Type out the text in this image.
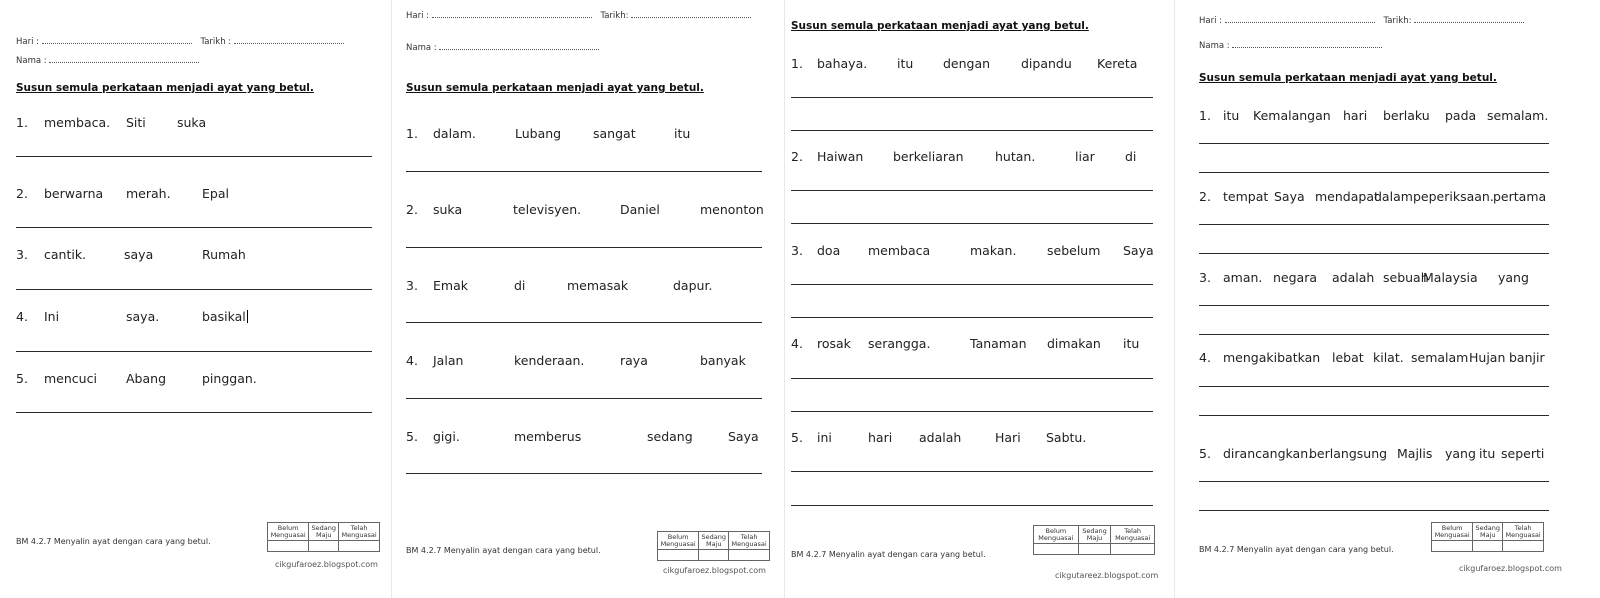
Hari :	Tarikh :
Nama :
Susun semula perkataan menjadi ayat yang betul.
1. membaca. Siti suka
2. berwarna merah.	Epal
3. cantik.	saya	Rumah
4. Ini	saya.	basikal
5. mencuci Abang	pinggan.
BM 4.2.7 Menyalin ayat dengan cara yang betul.
Belum Menguasai	Sedang Maju	Telah Menguasai

cikgufaroez.blogspot.com
Hari :	Tarikh:
Nama :
Susun semula perkataan menjadi ayat yang betul.
1. dalam.	Lubang	sangat	itu
2. suka	televisyen.	Daniel	menonton
3. Emak	di	memasak	dapur.
4. Jalan	kenderaan.	raya	banyak
5. gigi.	memberus	sedang	Saya
BM 4.2.7 Menyalin ayat dengan cara yang betul.
Belum Menguasai	Sedang Maju	Telah Menguasai

cikgufaroez.blogspot.com
Susun semula perkataan menjadi ayat yang betul.
1. bahaya. itu dengan dipandu Kereta
2. Haiwan berkeliaran	hutan.	liar di
3. doa membaca	makan. sebelum Saya
4. rosak serangga.	Tanaman dimakan itu
5. ini	hari adalah	Hari Sabtu.
BM 4.2.7 Menyalin ayat dengan cara yang betul.
Belum Menguasai	Sedang Maju	Telah Menguasai

cikgutareez.blogspot.com
Hari :	Tarikh:
Nama :
Susun semula perkataan menjadi ayat yang betul.
1. itu Kemalangan hari berlaku pada semalam.
2. tempat Saya mendapat
dalam peperiksaan. pertama
3. aman. negara adalah sebuah
Malaysia yang
4. mengakibatkan lebat kilat. semalam Hujan banjir
5. dirancangkan.
berlangsung Majlis yang itu seperti
BM 4.2.7 Menyalin ayat dengan cara yang betul.
Belum Menguasai	Sedang Maju	Telah Menguasai

cikgufaroez.blogspot.com
